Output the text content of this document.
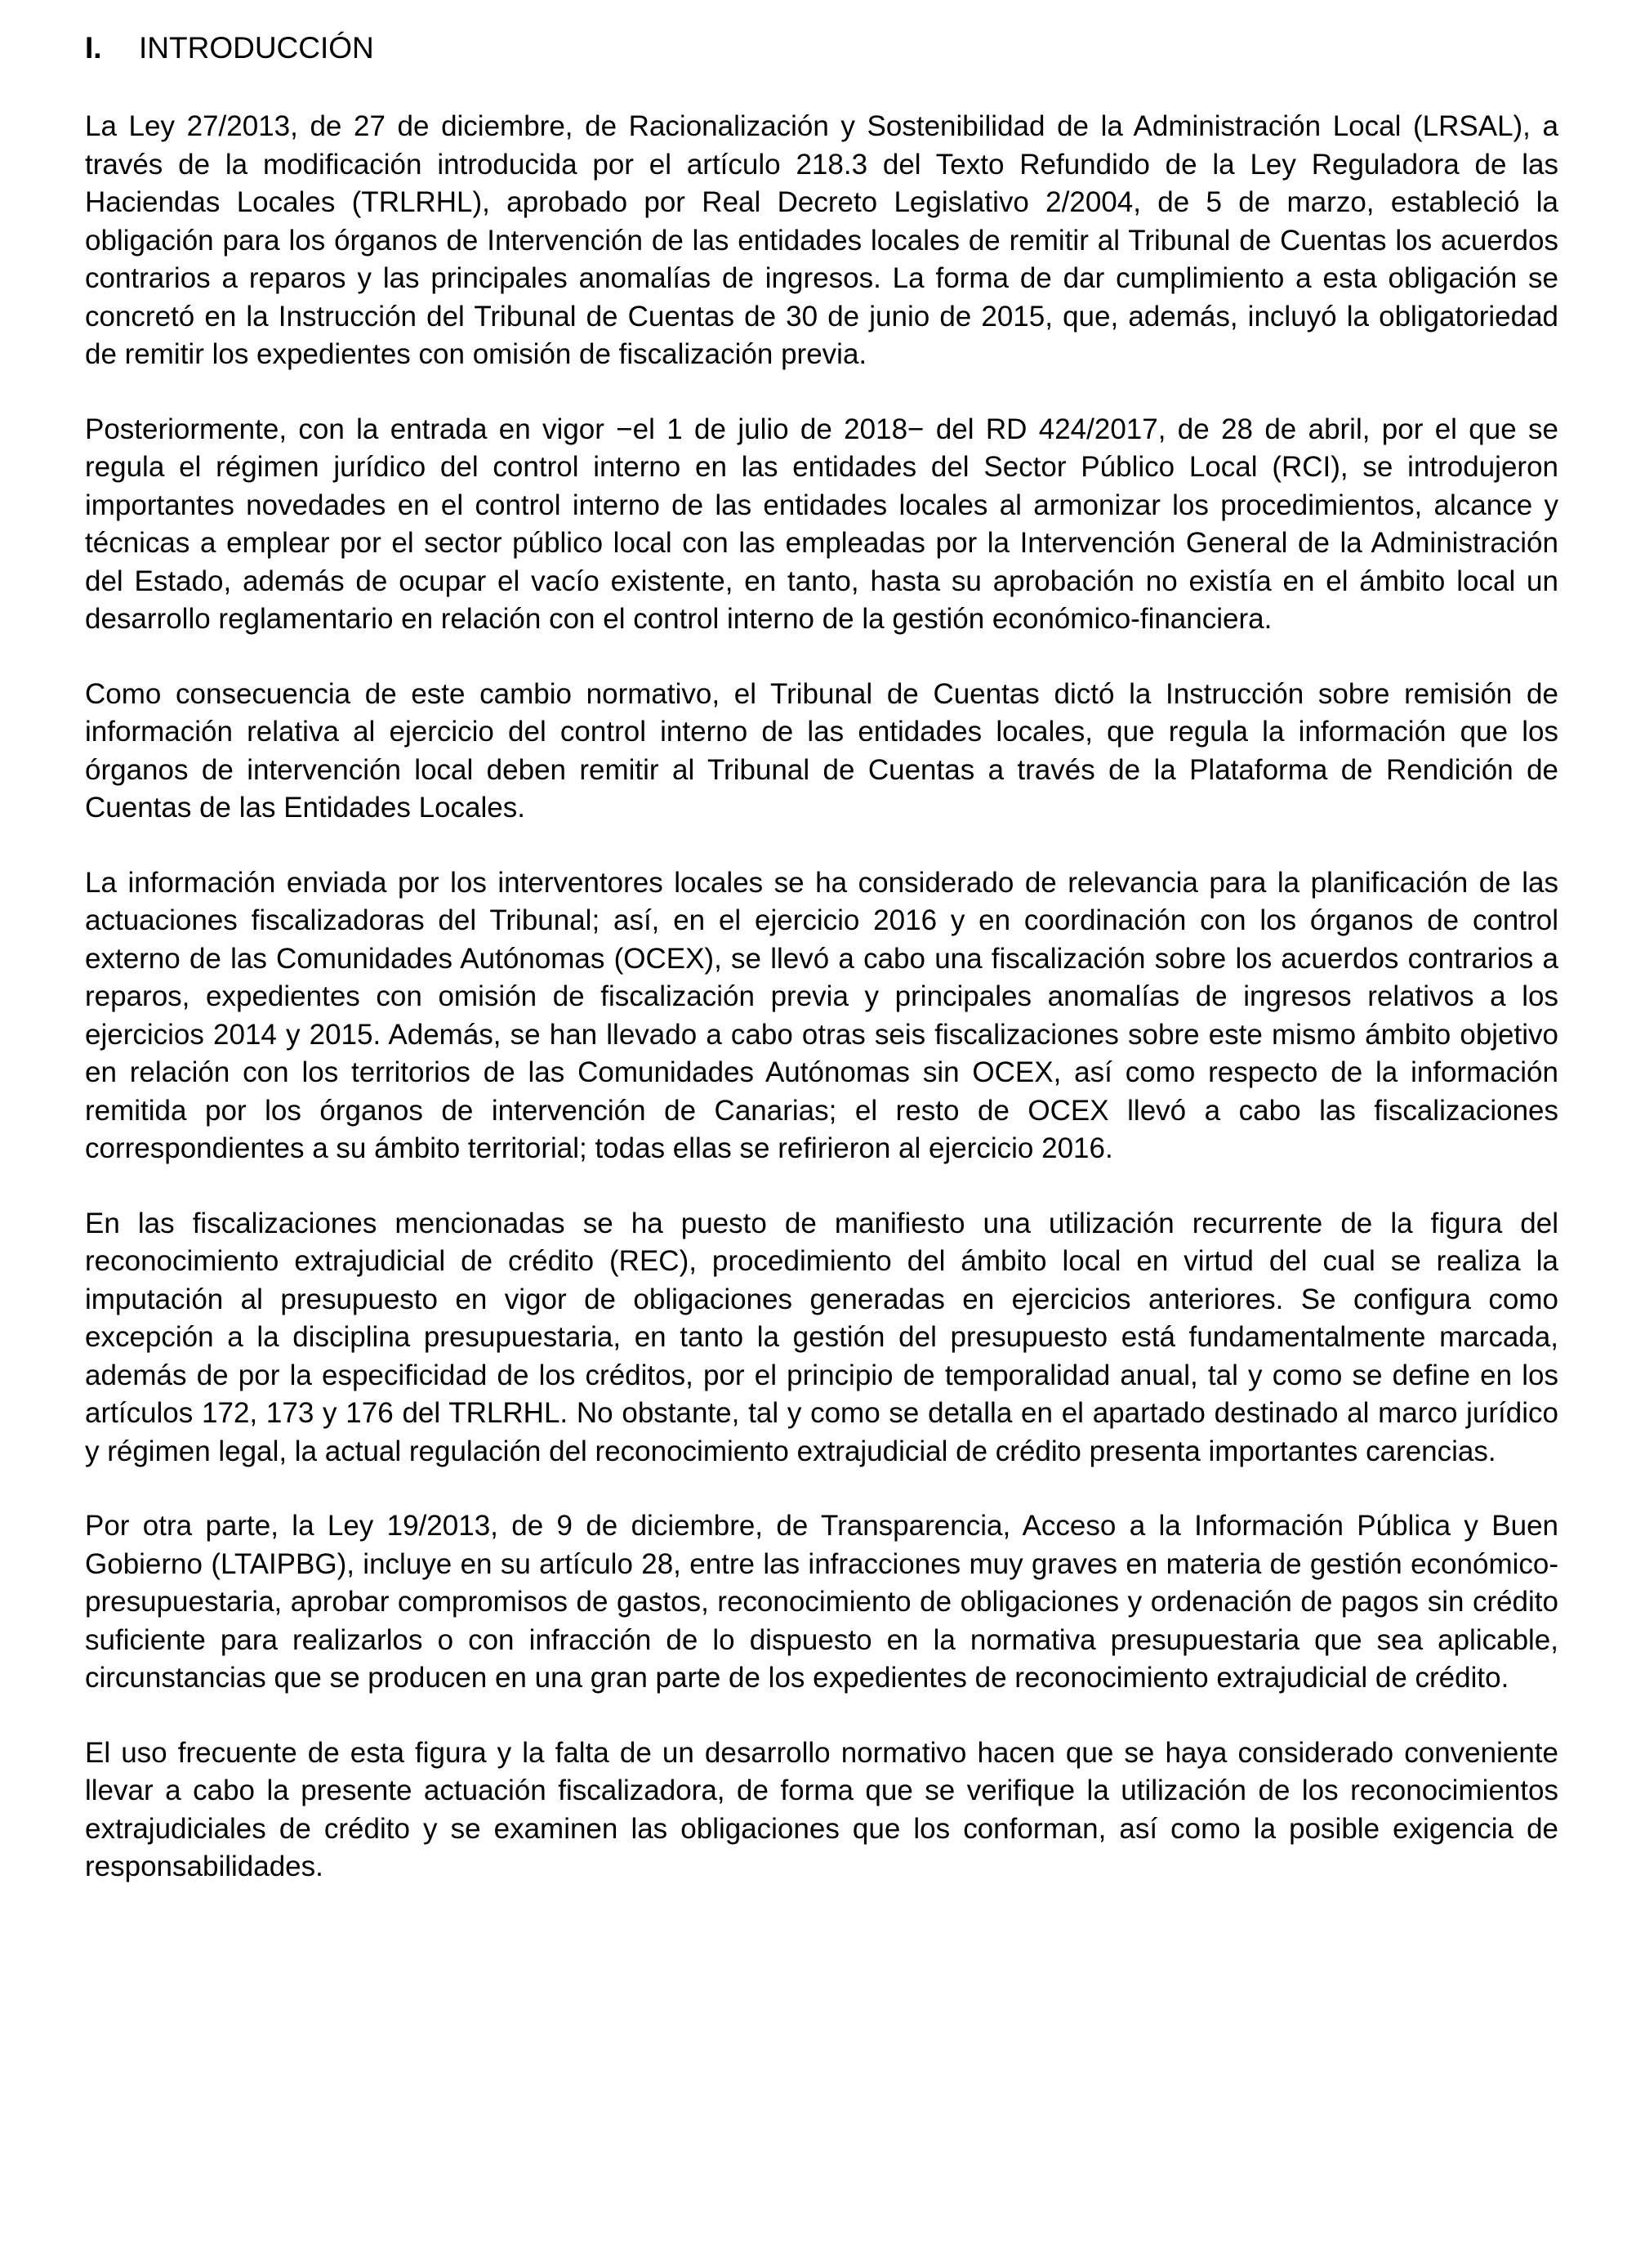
I.	INTRODUCCIÓN

La Ley 27/2013, de 27 de diciembre, de Racionalización y Sostenibilidad de la Administración Local (LRSAL), a través de la modificación introducida por el artículo 218.3 del Texto Refundido de la Ley Reguladora de las Haciendas Locales (TRLRHL), aprobado por Real Decreto Legislativo 2/2004, de 5 de marzo, estableció la obligación para los órganos de Intervención de las entidades locales de remitir al Tribunal de Cuentas los acuerdos contrarios a reparos y las principales anomalías de ingresos. La forma de dar cumplimiento a esta obligación se concretó en la Instrucción del Tribunal de Cuentas de 30 de junio de 2015, que, además, incluyó la obligatoriedad de remitir los expedientes con omisión de fiscalización previa.

Posteriormente, con la entrada en vigor −el 1 de julio de 2018− del RD 424/2017, de 28 de abril, por el que se regula el régimen jurídico del control interno en las entidades del Sector Público Local (RCI), se introdujeron importantes novedades en el control interno de las entidades locales al armonizar los procedimientos, alcance y técnicas a emplear por el sector público local con las empleadas por la Intervención General de la Administración del Estado, además de ocupar el vacío existente, en tanto, hasta su aprobación no existía en el ámbito local un desarrollo reglamentario en relación con el control interno de la gestión económico-financiera.

Como consecuencia de este cambio normativo, el Tribunal de Cuentas dictó la Instrucción sobre remisión de información relativa al ejercicio del control interno de las entidades locales, que regula la información que los órganos de intervención local deben remitir al Tribunal de Cuentas a través de la Plataforma de Rendición de Cuentas de las Entidades Locales.

La información enviada por los interventores locales se ha considerado de relevancia para la planificación de las actuaciones fiscalizadoras del Tribunal; así, en el ejercicio 2016 y en coordinación con los órganos de control externo de las Comunidades Autónomas (OCEX), se llevó a cabo una fiscalización sobre los acuerdos contrarios a reparos, expedientes con omisión de fiscalización previa y principales anomalías de ingresos relativos a los ejercicios 2014 y 2015. Además, se han llevado a cabo otras seis fiscalizaciones sobre este mismo ámbito objetivo en relación con los territorios de las Comunidades Autónomas sin OCEX, así como respecto de la información remitida por los órganos de intervención de Canarias; el resto de OCEX llevó a cabo las fiscalizaciones correspondientes a su ámbito territorial; todas ellas se refirieron al ejercicio 2016.

En las fiscalizaciones mencionadas se ha puesto de manifiesto una utilización recurrente de la figura del reconocimiento extrajudicial de crédito (REC), procedimiento del ámbito local en virtud del cual se realiza la imputación al presupuesto en vigor de obligaciones generadas en ejercicios anteriores. Se configura como excepción a la disciplina presupuestaria, en tanto la gestión del presupuesto está fundamentalmente marcada, además de por la especificidad de los créditos, por el principio de temporalidad anual, tal y como se define en los artículos 172, 173 y 176 del TRLRHL. No obstante, tal y como se detalla en el apartado destinado al marco jurídico y régimen legal, la actual regulación del reconocimiento extrajudicial de crédito presenta importantes carencias.

Por otra parte, la Ley 19/2013, de 9 de diciembre, de Transparencia, Acceso a la Información Pública y Buen Gobierno (LTAIPBG), incluye en su artículo 28, entre las infracciones muy graves en materia de gestión económico-presupuestaria, aprobar compromisos de gastos, reconocimiento de obligaciones y ordenación de pagos sin crédito suficiente para realizarlos o con infracción de lo dispuesto en la normativa presupuestaria que sea aplicable, circunstancias que se producen en una gran parte de los expedientes de reconocimiento extrajudicial de crédito.

El uso frecuente de esta figura y la falta de un desarrollo normativo hacen que se haya considerado conveniente llevar a cabo la presente actuación fiscalizadora, de forma que se verifique la utilización de los reconocimientos extrajudiciales de crédito y se examinen las obligaciones que los conforman, así como la posible exigencia de responsabilidades.
